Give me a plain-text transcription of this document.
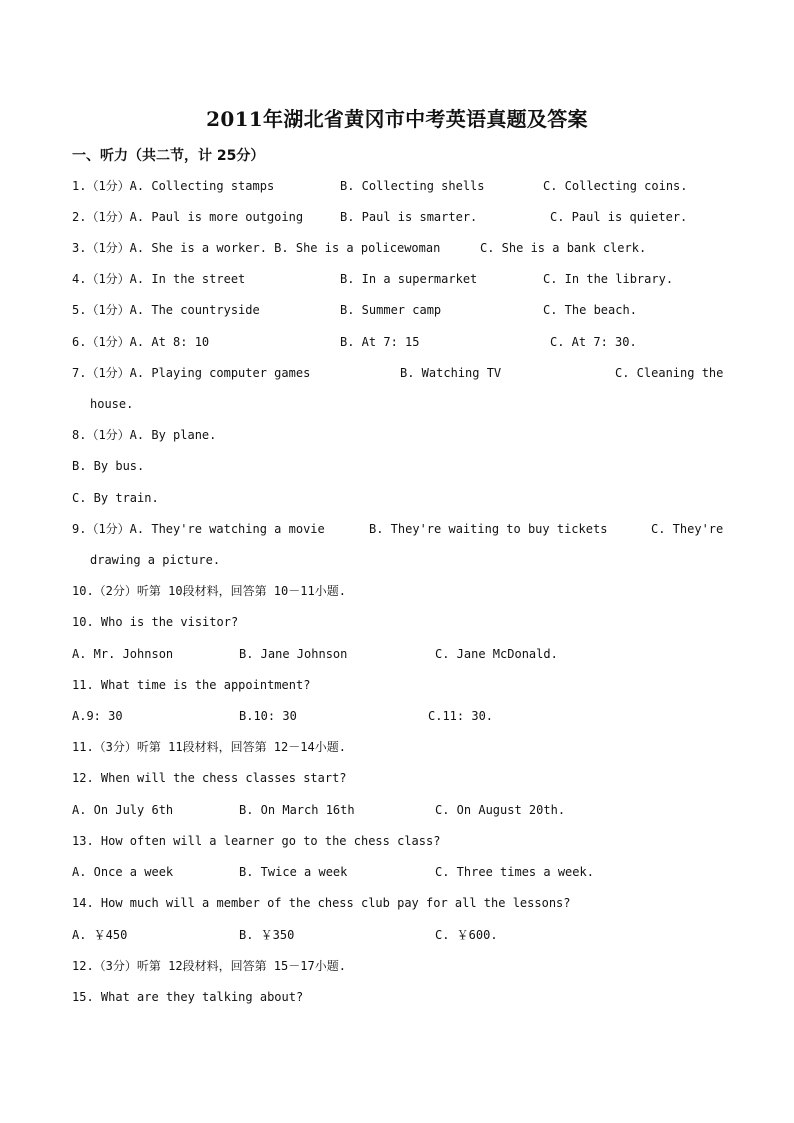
2011年湖北省黄冈市中考英语真题及答案
一、听力（共二节，计 25分）
1.（1分）A. Collecting stamps	B. Collecting shells	C. Collecting coins.
2.（1分）A. Paul is more outgoing	B. Paul is smarter.	C. Paul is quieter.
3.（1分）A. She is a worker. B. She is a policewoman	C. She is a bank clerk.
4.（1分）A. In the street	B. In a supermarket	C. In the library.
5.（1分）A. The countryside	B. Summer camp	C. The beach.
6.（1分）A. At 8: 10	B. At 7: 15	C. At 7: 30.
7.（1分）A. Playing computer games	B. Watching TV	C. Cleaning the
house.
8.（1分）A. By plane.
B. By bus.
C. By train.
9.（1分）A. They're watching a movie	B. They're waiting to buy tickets	C. They're
drawing a picture.
10.（2分）听第 10段材料，回答第 10－11小题.
10. Who is the visitor?
A. Mr. Johnson	B. Jane Johnson	C. Jane McDonald.
11. What time is the appointment?
A.9: 30	B.10: 30	C.11: 30.
11.（3分）听第 11段材料，回答第 12－14小题.
12. When will the chess classes start?
A. On July 6th	B. On March 16th	C. On August 20th.
13. How often will a learner go to the chess class?
A. Once a week	B. Twice a week	C. Three times a week.
14. How much will a member of the chess club pay for all the lessons?
A. ￥450	B. ￥350	C. ￥600.
12.（3分）听第 12段材料，回答第 15－17小题.
15. What are they talking about?
